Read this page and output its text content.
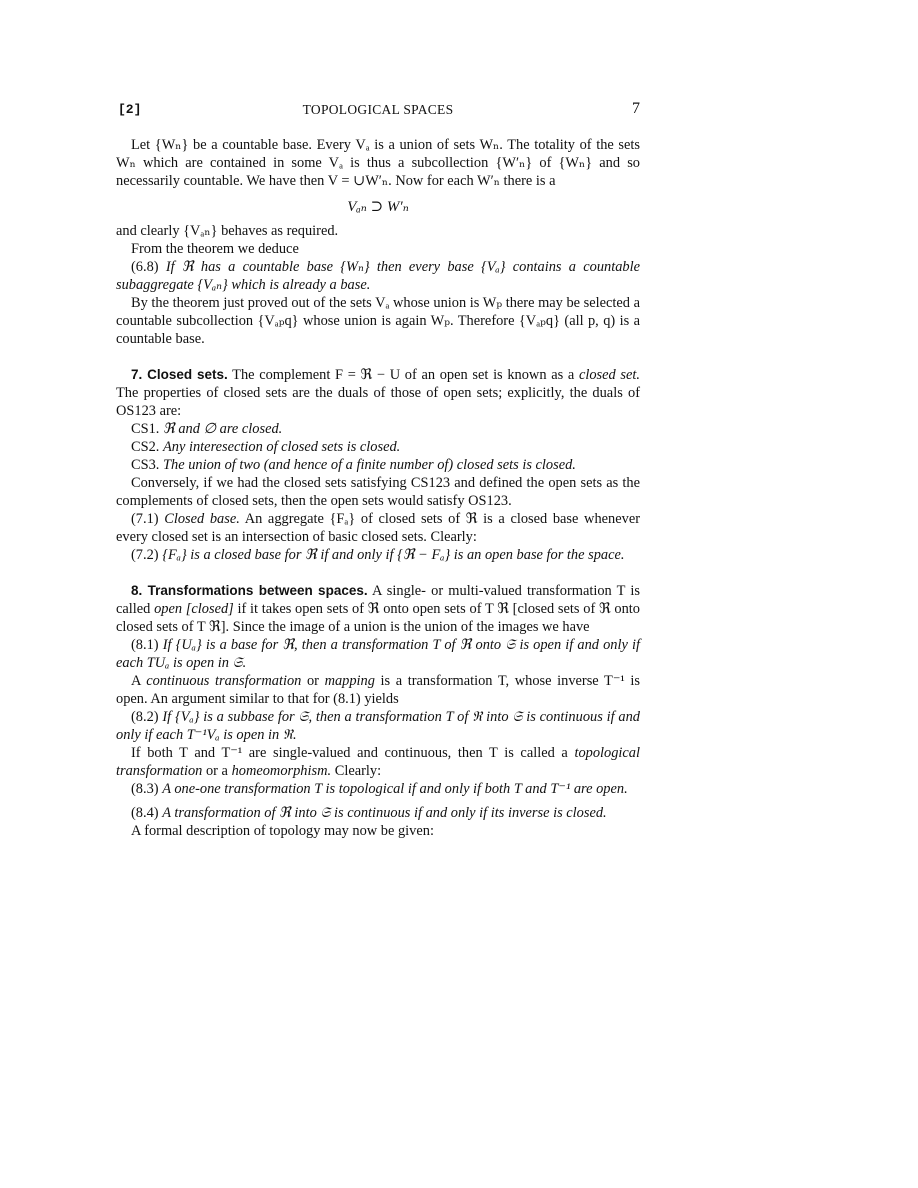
[2]	TOPOLOGICAL SPACES	7

Let {Wₙ} be a countable base. Every Vₐ is a union of sets Wₙ. The totality of the sets Wₙ which are contained in some Vₐ is thus a subcollection {W′ₙ} of {Wₙ} and so necessarily countable. We have then V = ∪W′ₙ. Now for each W′ₙ there is a

Vₐₙ ⊃ W′ₙ

and clearly {Vₐₙ} behaves as required.

From the theorem we deduce

(6.8) If ℜ has a countable base {Wₙ} then every base {Vₐ} contains a countable subaggregate {Vₐₙ} which is already a base.

By the theorem just proved out of the sets Vₐ whose union is Wₚ there may be selected a countable subcollection {Vₐₚq} whose union is again Wₚ. Therefore {Vₐₚq} (all p, q) is a countable base.

7. Closed sets. The complement F = ℜ − U of an open set is known as a closed set. The properties of closed sets are the duals of those of open sets; explicitly, the duals of OS123 are:

CS1. ℜ and ∅ are closed.

CS2. Any interesection of closed sets is closed.

CS3. The union of two (and hence of a finite number of) closed sets is closed.

Conversely, if we had the closed sets satisfying CS123 and defined the open sets as the complements of closed sets, then the open sets would satisfy OS123.

(7.1) Closed base. An aggregate {Fₐ} of closed sets of ℜ is a closed base whenever every closed set is an intersection of basic closed sets. Clearly:

(7.2) {Fₐ} is a closed base for ℜ if and only if {ℜ − Fₐ} is an open base for the space.

8. Transformations between spaces. A single- or multi-valued transformation T is called open [closed] if it takes open sets of ℜ onto open sets of T ℜ [closed sets of ℜ onto closed sets of T ℜ]. Since the image of a union is the union of the images we have

(8.1) If {Uₐ} is a base for ℜ, then a transformation T of ℜ onto 𝔖 is open if and only if each TUₐ is open in 𝔖.

A continuous transformation or mapping is a transformation T, whose inverse T⁻¹ is open. An argument similar to that for (8.1) yields

(8.2) If {Vₐ} is a subbase for 𝔖, then a transformation T of ℜ into 𝔖 is continuous if and only if each T⁻¹Vₐ is open in ℜ.

If both T and T⁻¹ are single-valued and continuous, then T is called a topological transformation or a homeomorphism. Clearly:

(8.3) A one-one transformation T is topological if and only if both T and T⁻¹ are open.

(8.4) A transformation of ℜ into 𝔖 is continuous if and only if its inverse is closed.

A formal description of topology may now be given:
